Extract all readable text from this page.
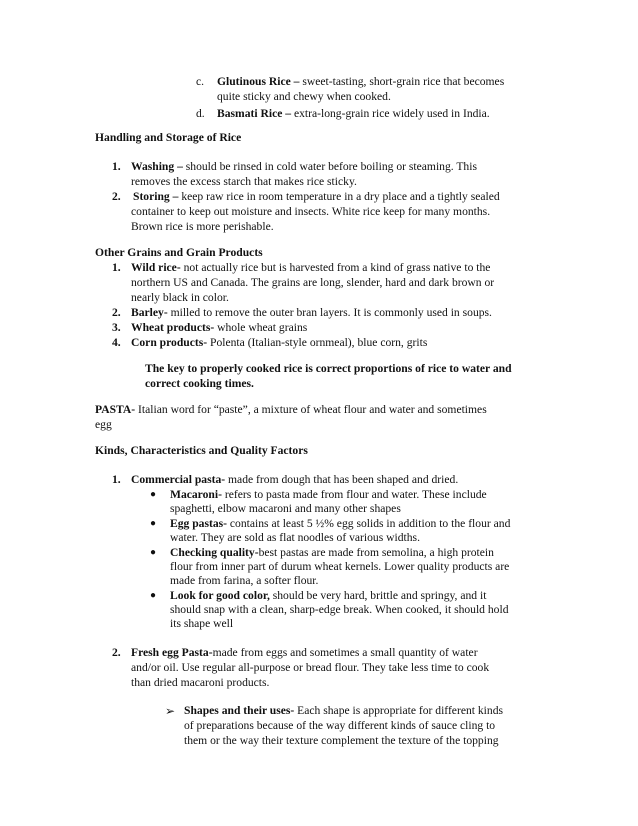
c. Glutinous Rice – sweet-tasting, short-grain rice that becomes
quite sticky and chewy when cooked.
d. Basmati Rice – extra-long-grain rice widely used in India.
Handling and Storage of Rice
1. Washing – should be rinsed in cold water before boiling or steaming. This
removes the excess starch that makes rice sticky.
2. Storing – keep raw rice in room temperature in a dry place and a tightly sealed
container to keep out moisture and insects. White rice keep for many months.
Brown rice is more perishable.
Other Grains and Grain Products
1. Wild rice- not actually rice but is harvested from a kind of grass native to the
northern US and Canada. The grains are long, slender, hard and dark brown or
nearly black in color.
2. Barley- milled to remove the outer bran layers. It is commonly used in soups.
3. Wheat products- whole wheat grains
4. Corn products- Polenta (Italian-style ornmeal), blue corn, grits
The key to properly cooked rice is correct proportions of rice to water and
correct cooking times.
PASTA- Italian word for “paste”, a mixture of wheat flour and water and sometimes
egg
Kinds, Characteristics and Quality Factors
1. Commercial pasta- made from dough that has been shaped and dried.
● Macaroni- refers to pasta made from flour and water. These include
spaghetti, elbow macaroni and many other shapes
● Egg pastas- contains at least 5 ½% egg solids in addition to the flour and
water. They are sold as flat noodles of various widths.
● Checking quality-best pastas are made from semolina, a high protein
flour from inner part of durum wheat kernels. Lower quality products are
made from farina, a softer flour.
● Look for good color, should be very hard, brittle and springy, and it
should snap with a clean, sharp-edge break. When cooked, it should hold
its shape well
2. Fresh egg Pasta-made from eggs and sometimes a small quantity of water
and/or oil. Use regular all-purpose or bread flour. They take less time to cook
than dried macaroni products.
➢ Shapes and their uses- Each shape is appropriate for different kinds
of preparations because of the way different kinds of sauce cling to
them or the way their texture complement the texture of the topping
